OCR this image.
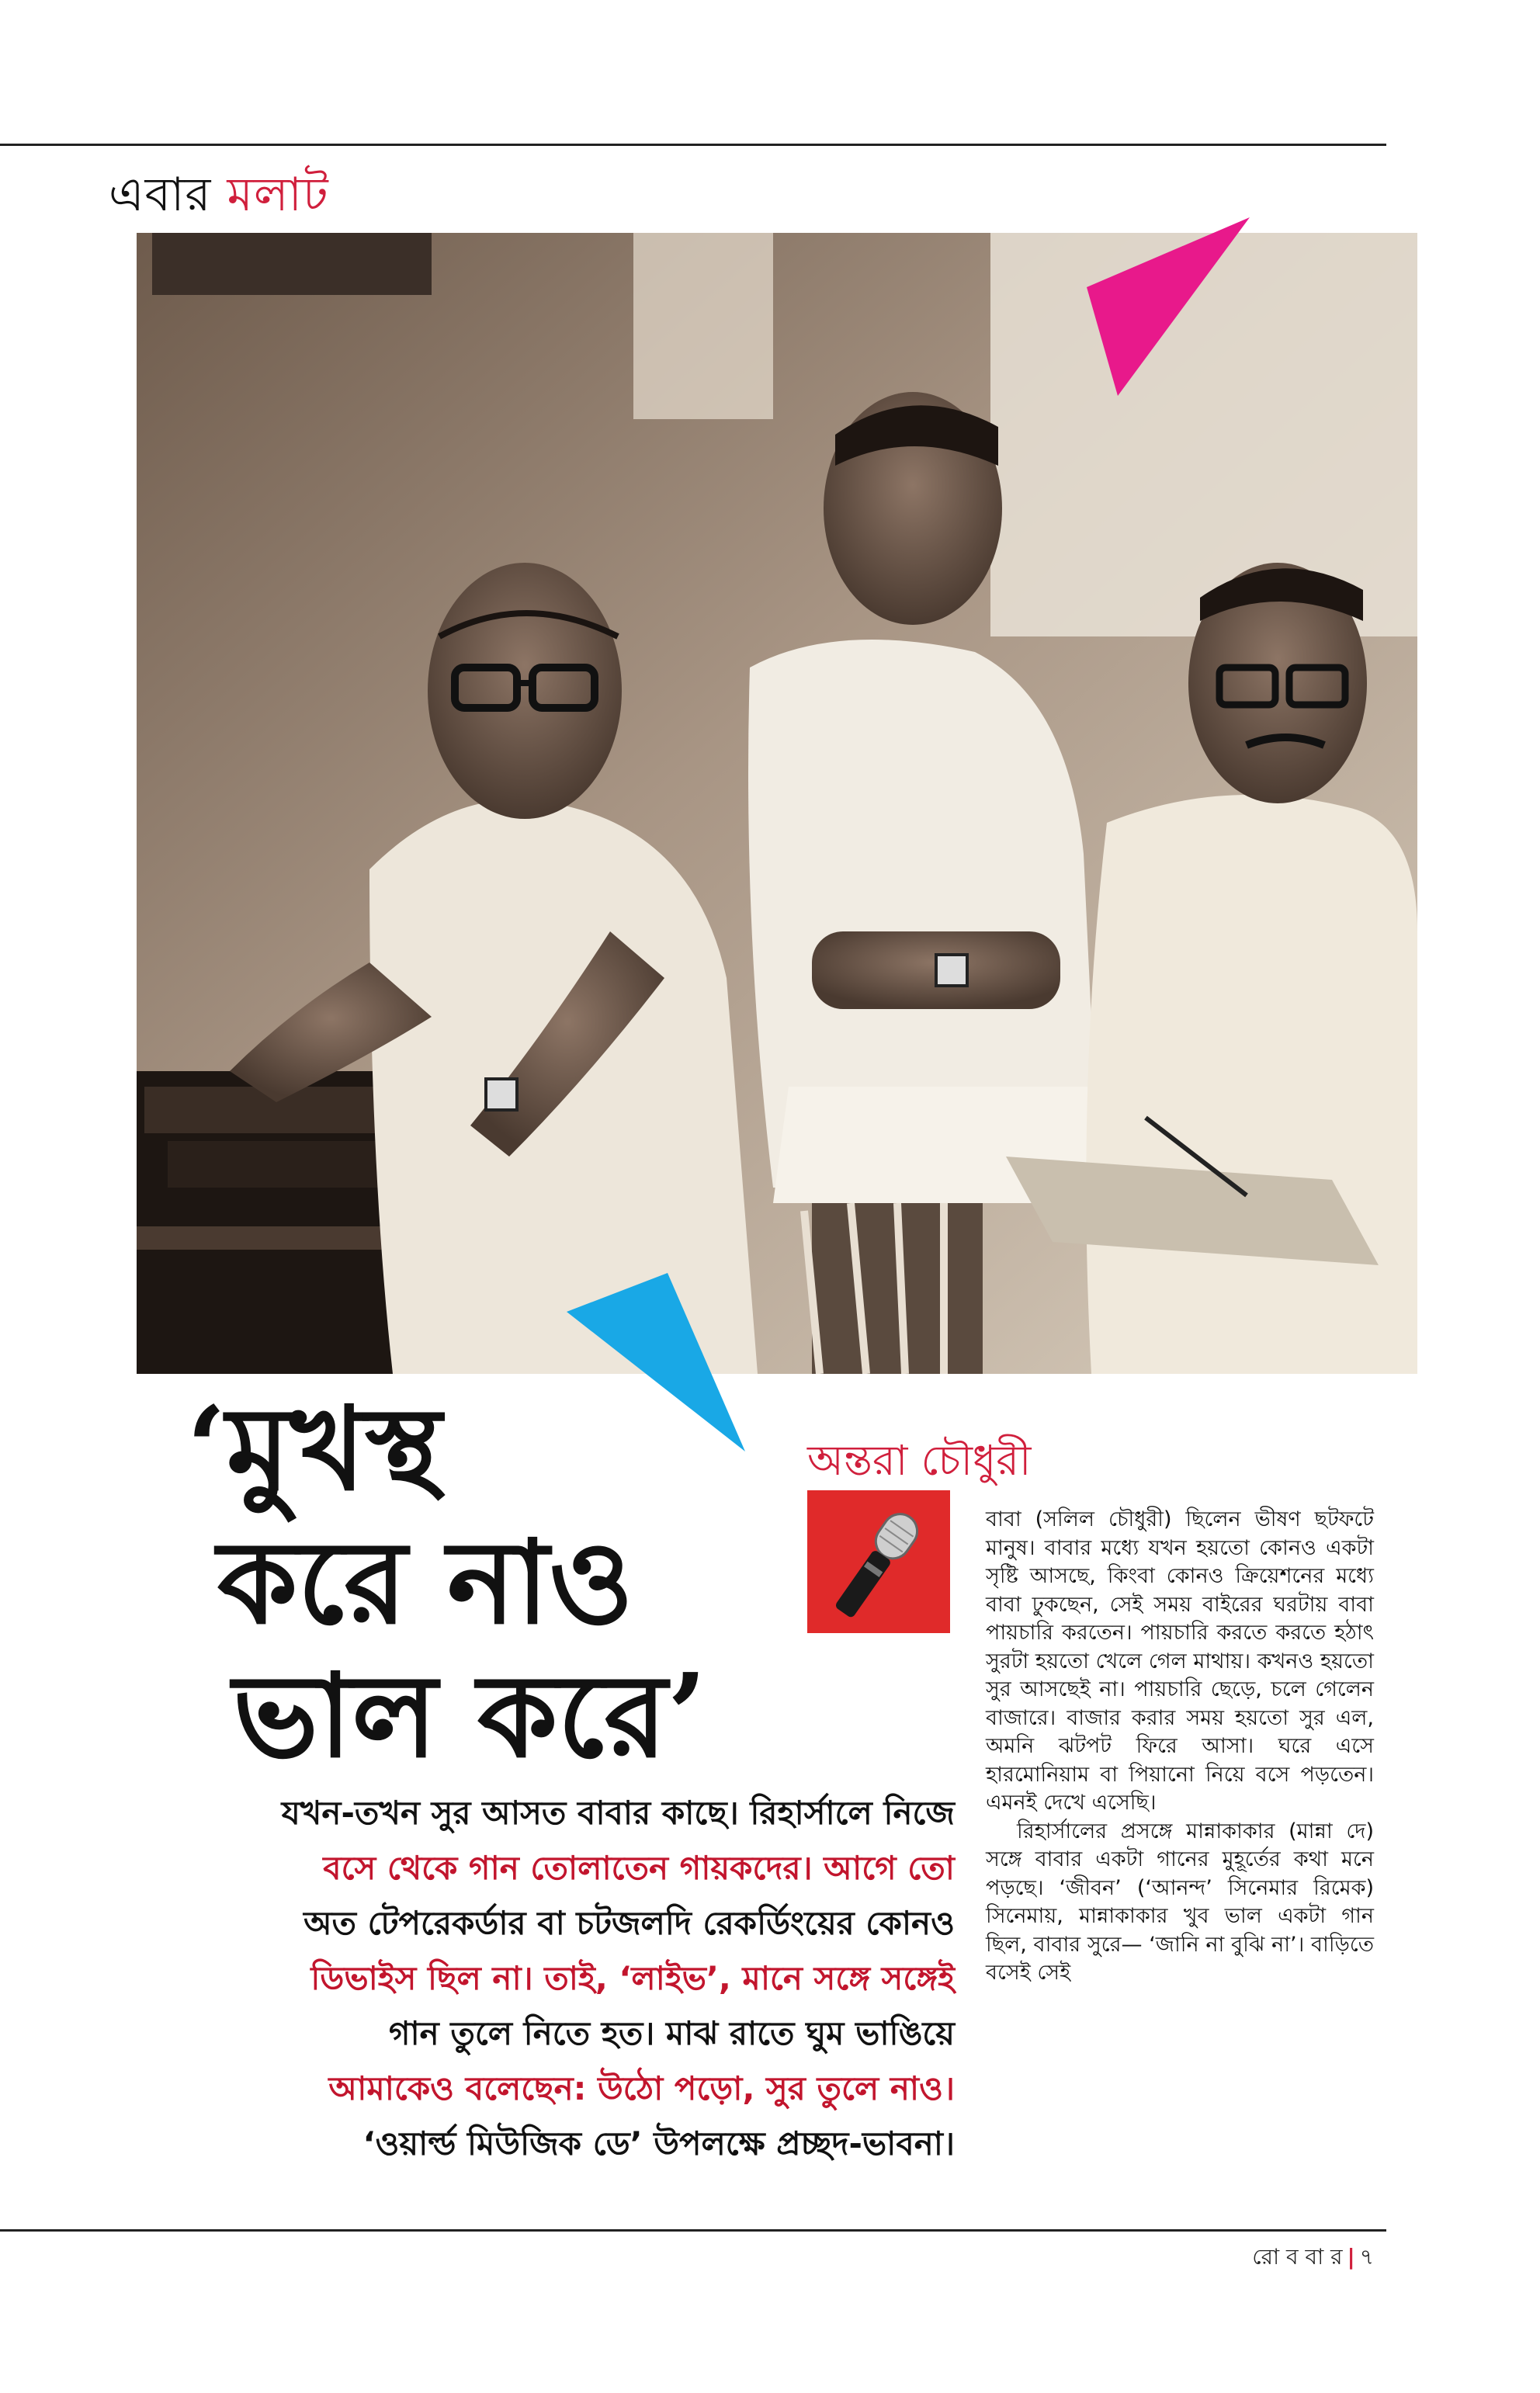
এবার মলাট
‘মুখস্থ
করে নাও
ভাল করে’
অন্তরা চৌধুরী
যখন-তখন সুর আসত বাবার কাছে। রিহার্সালে নিজে
বসে থেকে গান তোলাতেন গায়কদের। আগে তো
অত টেপরেকর্ডার বা চটজলদি রেকর্ডিংয়ের কোনও
ডিভাইস ছিল না। তাই, ‘লাইভ’, মানে সঙ্গে সঙ্গেই
গান তুলে নিতে হত। মাঝ রাতে ঘুম ভাঙিয়ে
আমাকেও বলেছেন: উঠো পড়ো, সুর তুলে নাও।
‘ওয়ার্ল্ড মিউজিক ডে’ উপলক্ষে প্রচ্ছদ-ভাবনা।

বাবা (সলিল চৌধুরী) ছিলেন ভীষণ ছটফটে মানুষ। বাবার মধ্যে যখন হয়তো কোনও একটা সৃষ্টি আসছে, কিংবা কোনও ক্রিয়েশনের মধ্যে বাবা ঢুকছেন, সেই সময় বাইরের ঘরটায় বাবা পায়চারি করতেন। পায়চারি করতে করতে হঠাৎ সুরটা হয়তো খেলে গেল মাথায়। কখনও হয়তো সুর আসছেই না। পায়চারি ছেড়ে, চলে গেলেন বাজারে। বাজার করার সময় হয়তো সুর এল, অমনি ঝটপট ফিরে আসা। ঘরে এসে হারমোনিয়াম বা পিয়ানো নিয়ে বসে পড়তেন। এমনই দেখে এসেছি।

রিহার্সালের প্রসঙ্গে মান্নাকাকার (মান্না দে) সঙ্গে বাবার একটা গানের মুহূর্তের কথা মনে পড়ছে। ‘জীবন’ (‘আনন্দ’ সিনেমার রিমেক) সিনেমায়, মান্নাকাকার খুব ভাল একটা গান ছিল, বাবার সুরে— ‘জানি না বুঝি না’। বাড়িতে বসেই সেই

রো ব বা র | ৭
